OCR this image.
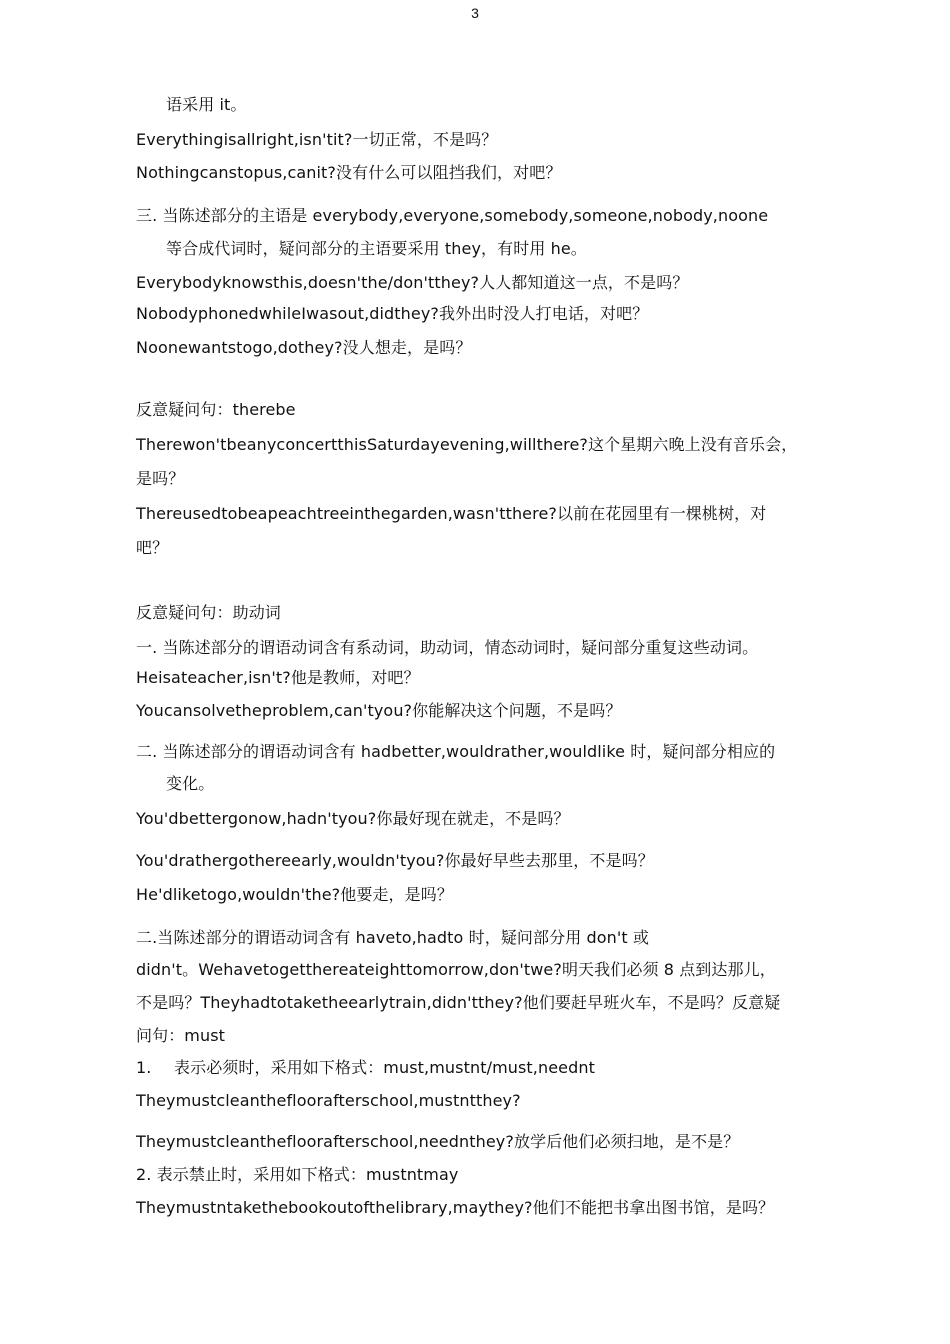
3
语采用 it。
Everythingisallright,isn'tit?一切正常，不是吗？
Nothingcanstopus,canit?没有什么可以阻挡我们，对吧？
三. 当陈述部分的主语是 everybody,everyone,somebody,someone,nobody,noone
等合成代词时，疑问部分的主语要采用 they，有时用 he。
Everybodyknowsthis,doesn'the/don'tthey?人人都知道这一点，不是吗？
NobodyphonedwhileIwasout,didthey?我外出时没人打电话，对吧？
Noonewantstogo,dothey?没人想走，是吗？
反意疑问句：therebe
Therewon'tbeanyconcertthisSaturdayevening,willthere?这个星期六晚上没有音乐会，
是吗？
Thereusedtobeapeachtreeinthegarden,wasn'tthere?以前在花园里有一棵桃树，对
吧？
反意疑问句：助动词
一. 当陈述部分的谓语动词含有系动词，助动词，情态动词时，疑问部分重复这些动词。
Heisateacher,isn't?他是教师，对吧？
Youcansolvetheproblem,can'tyou?你能解决这个问题，不是吗？
二. 当陈述部分的谓语动词含有 hadbetter,wouldrather,wouldlike 时，疑问部分相应的
变化。
You'dbettergonow,hadn'tyou?你最好现在就走，不是吗？
You'drathergothereearly,wouldn'tyou?你最好早些去那里，不是吗？
He'dliketogo,wouldn'the?他要走，是吗？
二.当陈述部分的谓语动词含有 haveto,hadto 时，疑问部分用 don't 或
didn't。Wehavetogetthereateighttomorrow,don'twe?明天我们必须 8 点到达那儿，
不是吗？Theyhadtotaketheearlytrain,didn'tthey?他们要赶早班火车，不是吗？反意疑
问句：must
1. 表示必须时，采用如下格式：must,mustnt/must,neednt
Theymustcleanthefloorafterschool,mustntthey?
Theymustcleanthefloorafterschool,neednthey?放学后他们必须扫地，是不是？
2. 表示禁止时，采用如下格式：mustntmay
Theymustntakethebookoutofthelibrary,maythey?他们不能把书拿出图书馆，是吗？
